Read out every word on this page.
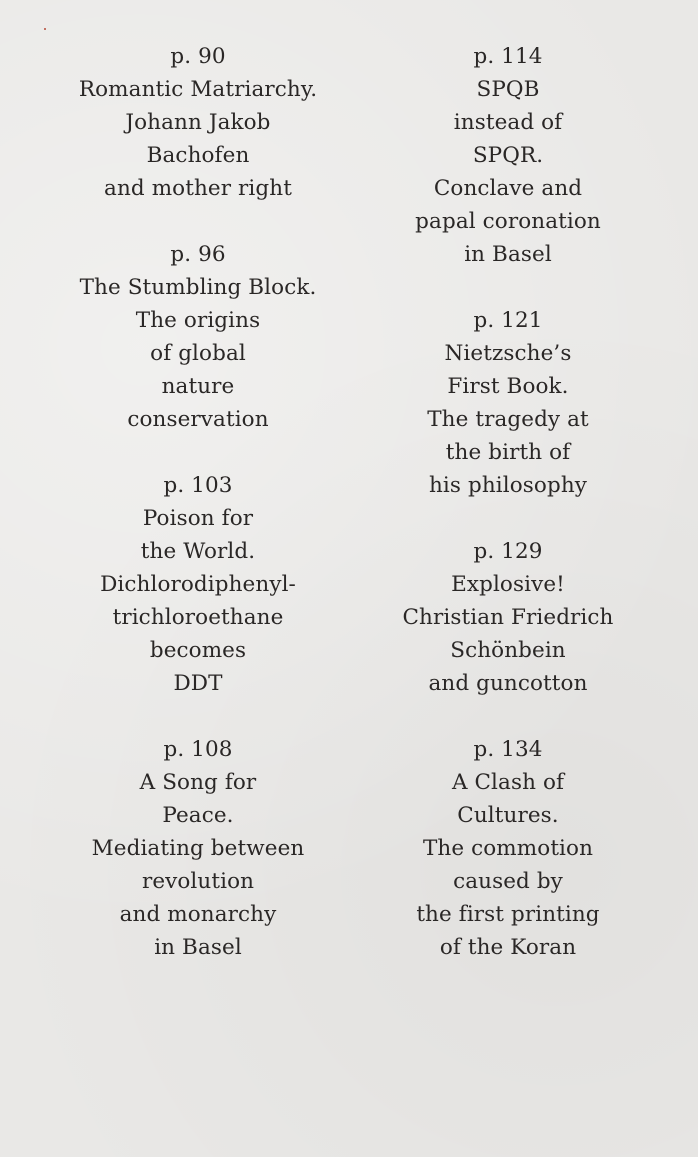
p. 90
Romantic Matriarchy.
Johann Jakob
Bachofen
and mother right
p. 96
The Stumbling Block.
The origins
of global
nature
conservation
p. 103
Poison for
the World.
Dichlorodiphenyl-
trichloroethane
becomes
DDT
p. 108
A Song for
Peace.
Mediating between
revolution
and monarchy
in Basel
p. 114
SPQB
instead of
SPQR.
Conclave and
papal coronation
in Basel
p. 121
Nietzsche’s
First Book.
The tragedy at
the birth of
his philosophy
p. 129
Explosive!
Christian Friedrich
Schönbein
and guncotton
p. 134
A Clash of
Cultures.
The commotion
caused by
the first printing
of the Koran
